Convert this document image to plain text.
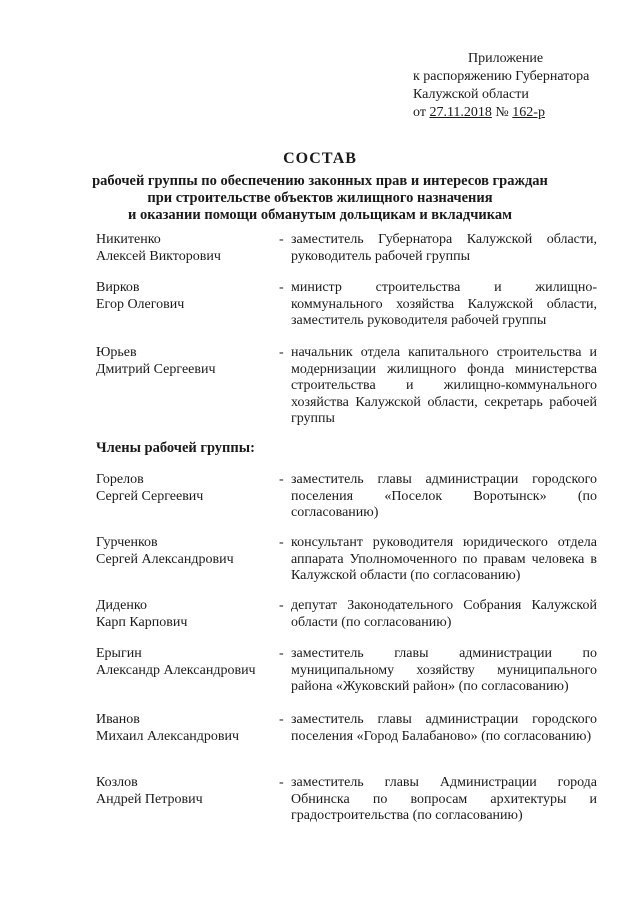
Приложение
к распоряжению Губернатора
Калужской области
от 27.11.2018 № 162-р
СОСТАВ
рабочей группы по обеспечению законных прав и интересов граждан
при строительстве объектов жилищного назначения
и оказании помощи обманутым дольщикам и вкладчикам
Никитенко
Алексей Викторович
- заместитель Губернатора Калужской области, руководитель рабочей группы
Вирков
Егор Олегович
- министр строительства и жилищно-коммунального хозяйства Калужской области, заместитель руководителя рабочей группы
Юрьев
Дмитрий Сергеевич
- начальник отдела капитального строительства и модернизации жилищного фонда министерства строительства и жилищно-коммунального хозяйства Калужской области, секретарь рабочей группы
Члены рабочей группы:
Горелов
Сергей Сергеевич
- заместитель главы администрации городского поселения «Поселок Воротынск» (по согласованию)
Гурченков
Сергей Александрович
- консультант руководителя юридического отдела аппарата Уполномоченного по правам человека в Калужской области (по согласованию)
Диденко
Карп Карпович
- депутат Законодательного Собрания Калужской области (по согласованию)
Ерыгин
Александр Александрович
- заместитель главы администрации по муниципальному хозяйству муниципального района «Жуковский район» (по согласованию)
Иванов
Михаил Александрович
- заместитель главы администрации городского поселения «Город Балабаново» (по согласованию)
Козлов
Андрей Петрович
- заместитель главы Администрации города Обнинска по вопросам архитектуры и градостроительства (по согласованию)
